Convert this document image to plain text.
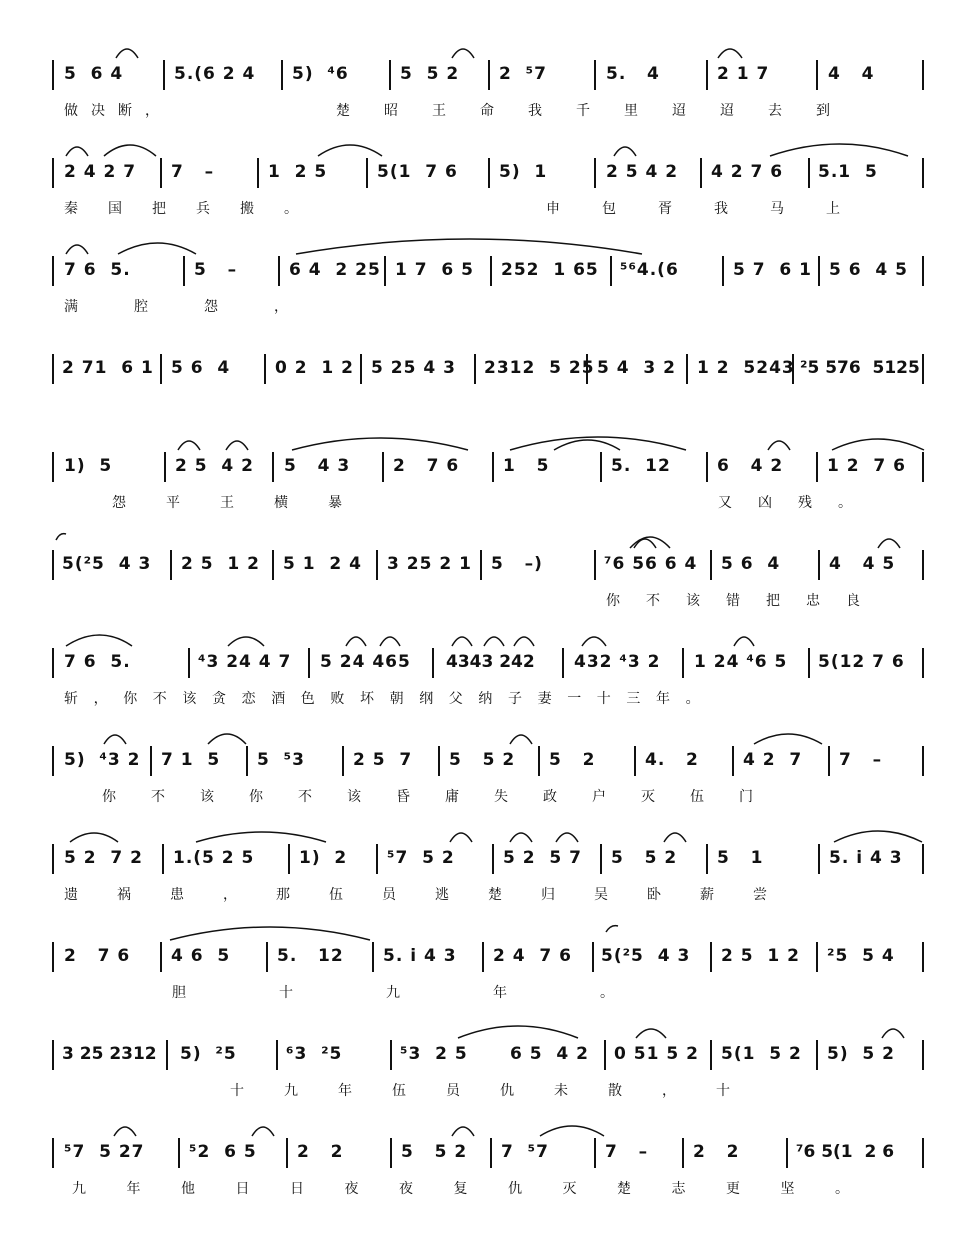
5  6 4	5.(6 2 4 5)  ⁴6	5  5 2 2  ⁵7	5.   4	2 1 7	4   4
做决断，	楚昭王命我千里迢迢去到
2 4 2 7 7   –	1  2 5	5(1  7 6 5)  1	2 5 4 2 4 2 7 6 5.1  5
秦国把兵搬。	申包胥我马上
7 6  5.	5   –	6 4  2 25 1 7  6 5 252  1 65 ⁵⁶4.(6	5 7  6 1 5 6  4 5
满腔怨，
2 71  6 1 5 6  4	0 2  1 2 5 25 4 3 2312  5 25 5 4  3 2 1 2  5243 ²5 576  5125
1)  5	2 5  4 2 5   4 3	2   7 6	1   5	5.  12	6   4 2	1 2  7 6
怨平王横暴	又凶残。
5(²5  4 3 2 5  1 2 5 1  2 4 3 25 2 1 5   –)	⁷6 56 6 4 5 6  4	4   4 5
你不该错把忠良
7 6  5.	⁴3 24 4 7 5 24 465 4343 242 432 ⁴3 2 1 24 ⁴6 5 5(12 7 6
斩，你不该贪恋酒色败坏朝纲父纳子妻一十三年。
5)  ⁴3 2 7 1  5 5  ⁵3	2 5  7 5   5 2 5   2	4.   2	4 2  7 7   –
你不该你不该昏庸失政户灭伍门
5 2  7 2 1.(5 2 5	1)  2 ⁵7  5 2	5 2  5 7 5   5 2 5   1	5. i 4 3
遗祸患，那伍员逃楚归吴卧薪尝
2   7 6 4 6  5	5.   12 5. i 4 3 2 4  7 6 5(²5  4 3 2 5  1 2 ²5  5 4
胆十九年。
3 25 2312 5)  ²5	⁶3  ²5	⁵3  2 5 6 5  4 2 0 51 5 2 5(1  5 2 5)  5 2
十九年伍员仇未散，十
⁵7  5 27	⁵2  6 5 2   2	5   5 2 7  ⁵7	7   –	2   2	⁷6 5(1  2 6
九年他日日夜夜复仇灭楚志更坚。
